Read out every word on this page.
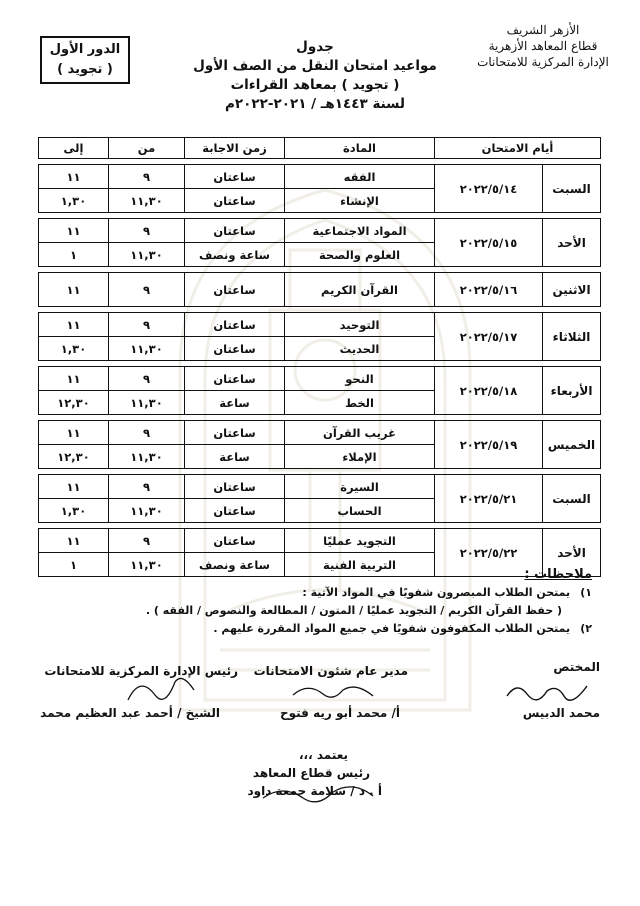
الأزهر الشريف
قطاع المعاهد الأزهرية
الإدارة المركزية للامتحانات
جدول
مواعيد امتحان النقل من الصف الأول
( تجويد ) بمعاهد القراءات
لسنة ١٤٤٣هـ / ٢٠٢١-٢٠٢٢م
الدور الأول
( تجويد )
أيام الامتحان		المادة	زمن الاجابة	من	إلى

السبت	٢٠٢٢/٥/١٤	الفقه	ساعتان	٩	١١
		الإنشاء	ساعتان	١١,٣٠	١,٣٠

الأحد	٢٠٢٢/٥/١٥	المواد الاجتماعية	ساعتان	٩	١١
		العلوم والصحة	ساعة ونصف	١١,٣٠	١

الاثنين	٢٠٢٢/٥/١٦	القرآن الكريم	ساعتان	٩	١١

الثلاثاء	٢٠٢٢/٥/١٧	التوحيد	ساعتان	٩	١١
		الحديث	ساعتان	١١,٣٠	١,٣٠

الأربعاء	٢٠٢٢/٥/١٨	النحو	ساعتان	٩	١١
		الخط	ساعة	١١,٣٠	١٢,٣٠

الخميس	٢٠٢٢/٥/١٩	غريب القرآن	ساعتان	٩	١١
		الإملاء	ساعة	١١,٣٠	١٢,٣٠

السبت	٢٠٢٢/٥/٢١	السيرة	ساعتان	٩	١١
		الحساب	ساعتان	١١,٣٠	١,٣٠

الأحد	٢٠٢٢/٥/٢٢	التجويد عمليًا	ساعتان	٩	١١
		التربية الفنية	ساعة ونصف	١١,٣٠	١
ملاحظات :
١) يمتحن الطلاب المبصرون شفويًا في المواد الآتية :
( حفظ القرآن الكريم / التجويد عمليًا / المتون / المطالعة والنصوص / الفقه ) .
٢) يمتحن الطلاب المكفوفون شفويًا في جميع المواد المقررة عليهم .
المختص
محمد الدبيس
مدير عام شئون الامتحانات
أ/ محمد أبو ريه فتوح
رئيس الإدارة المركزية للامتحانات
الشيخ / أحمد عبد العظيم محمد
يعتمد ،،،
رئيس قطاع المعاهد
أ . د / سلامة جمعة داود
